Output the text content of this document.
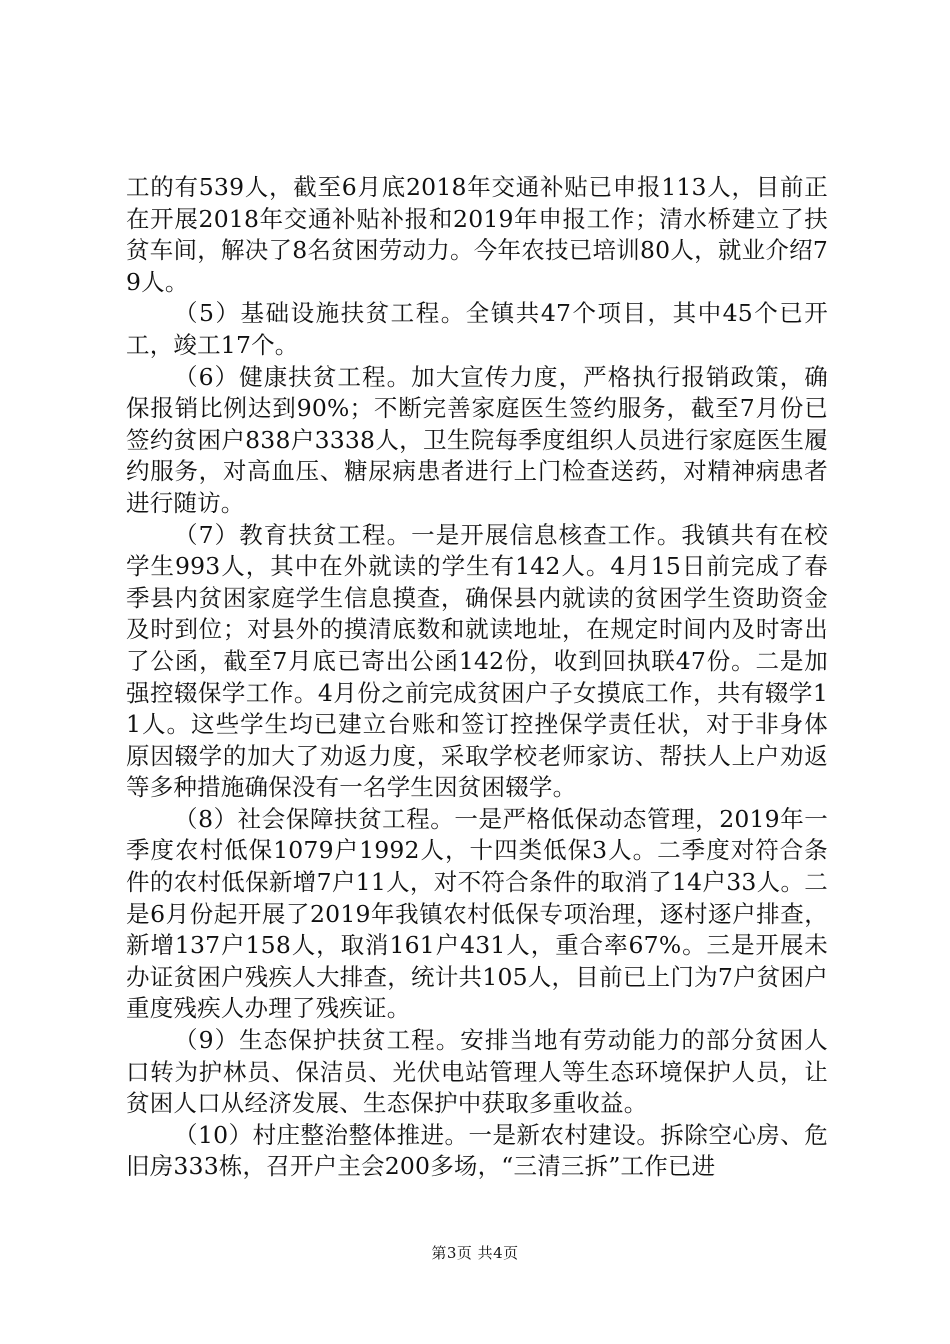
工的有539人，截至6月底2018年交通补贴已申报113人，目前正在开展2018年交通补贴补报和2019年申报工作；清水桥建立了扶贫车间，解决了8名贫困劳动力。今年农技已培训80人，就业介绍79人。

（5）基础设施扶贫工程。全镇共47个项目，其中45个已开工，竣工17个。

（6）健康扶贫工程。加大宣传力度，严格执行报销政策，确保报销比例达到90%；不断完善家庭医生签约服务，截至7月份已签约贫困户838户3338人，卫生院每季度组织人员进行家庭医生履约服务，对高血压、糖尿病患者进行上门检查送药，对精神病患者进行随访。

（7）教育扶贫工程。一是开展信息核查工作。我镇共有在校学生993人，其中在外就读的学生有142人。4月15日前完成了春季县内贫困家庭学生信息摸查，确保县内就读的贫困学生资助资金及时到位；对县外的摸清底数和就读地址，在规定时间内及时寄出了公函，截至7月底已寄出公函142份，收到回执联47份。二是加强控辍保学工作。4月份之前完成贫困户子女摸底工作，共有辍学11人。这些学生均已建立台账和签订控挫保学责任状，对于非身体原因辍学的加大了劝返力度，采取学校老师家访、帮扶人上户劝返等多种措施确保没有一名学生因贫困辍学。

（8）社会保障扶贫工程。一是严格低保动态管理，2019年一季度农村低保1079户1992人，十四类低保3人。二季度对符合条件的农村低保新增7户11人，对不符合条件的取消了14户33人。二是6月份起开展了2019年我镇农村低保专项治理，逐村逐户排查，新增137户158人，取消161户431人，重合率67%。三是开展未办证贫困户残疾人大排查，统计共105人，目前已上门为7户贫困户重度残疾人办理了残疾证。

（9）生态保护扶贫工程。安排当地有劳动能力的部分贫困人口转为护林员、保洁员、光伏电站管理人等生态环境保护人员，让贫困人口从经济发展、生态保护中获取多重收益。

（10）村庄整治整体推进。一是新农村建设。拆除空心房、危旧房333栋，召开户主会200多场，“三清三拆”工作已进

第3页 共4页
